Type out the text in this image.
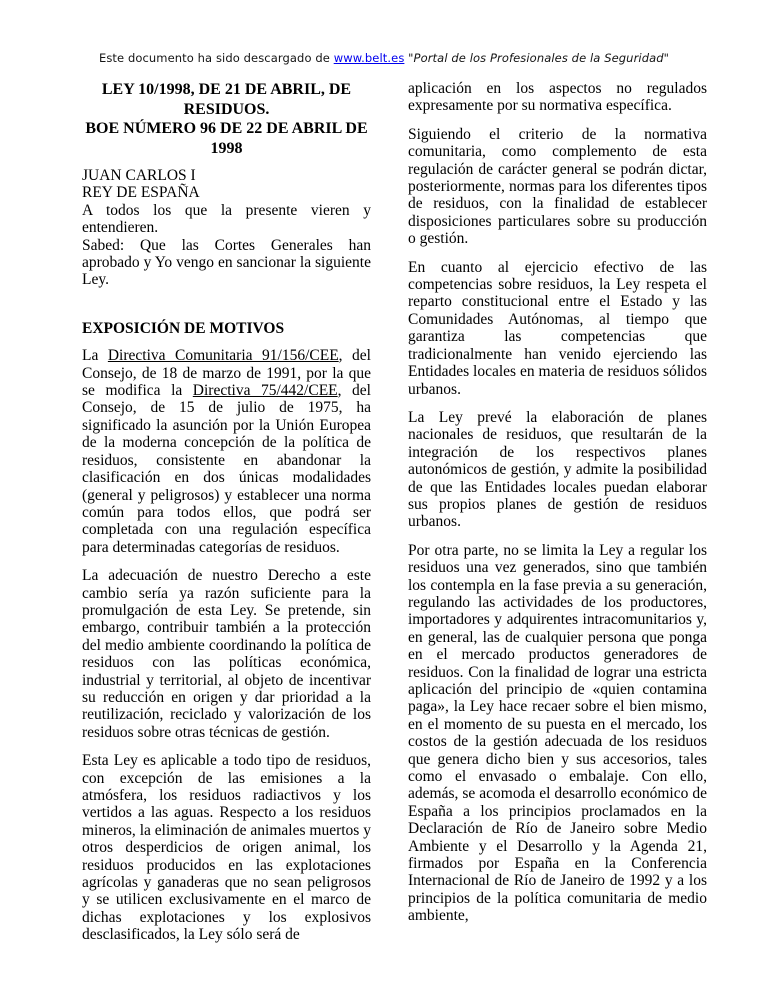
Este documento ha sido descargado de www.belt.es "Portal de los Profesionales de la Seguridad"
LEY 10/1998, DE 21 DE ABRIL, DE RESIDUOS.
BOE NÚMERO 96 DE 22 DE ABRIL DE 1998

JUAN CARLOS I

REY DE ESPAÑA

A todos los que la presente vieren y entendieren.

Sabed: Que las Cortes Generales han aprobado y Yo vengo en sancionar la siguiente Ley.

EXPOSICIÓN DE MOTIVOS

La Directiva Comunitaria 91/156/CEE, del Consejo, de 18 de marzo de 1991, por la que se modifica la Directiva 75/442/CEE, del Consejo, de 15 de julio de 1975, ha significado la asunción por la Unión Europea de la moderna concepción de la política de residuos, consistente en abandonar la clasificación en dos únicas modalidades (general y peligrosos) y establecer una norma común para todos ellos, que podrá ser completada con una regulación específica para determinadas categorías de residuos.

La adecuación de nuestro Derecho a este cambio sería ya razón suficiente para la promulgación de esta Ley. Se pretende, sin embargo, contribuir también a la protección del medio ambiente coordinando la política de residuos con las políticas económica, industrial y territorial, al objeto de incentivar su reducción en origen y dar prioridad a la reutilización, reciclado y valorización de los residuos sobre otras técnicas de gestión.

Esta Ley es aplicable a todo tipo de residuos, con excepción de las emisiones a la atmósfera, los residuos radiactivos y los vertidos a las aguas. Respecto a los residuos mineros, la eliminación de animales muertos y otros desperdicios de origen animal, los residuos producidos en las explotaciones agrícolas y ganaderas que no sean peligrosos y se utilicen exclusivamente en el marco de dichas explotaciones y los explosivos desclasificados, la Ley sólo será de

aplicación en los aspectos no regulados expresamente por su normativa específica.

Siguiendo el criterio de la normativa comunitaria, como complemento de esta regulación de carácter general se podrán dictar, posteriormente, normas para los diferentes tipos de residuos, con la finalidad de establecer disposiciones particulares sobre su producción o gestión.

En cuanto al ejercicio efectivo de las competencias sobre residuos, la Ley respeta el reparto constitucional entre el Estado y las Comunidades Autónomas, al tiempo que garantiza las competencias que tradicionalmente han venido ejerciendo las Entidades locales en materia de residuos sólidos urbanos.

La Ley prevé la elaboración de planes nacionales de residuos, que resultarán de la integración de los respectivos planes autonómicos de gestión, y admite la posibilidad de que las Entidades locales puedan elaborar sus propios planes de gestión de residuos urbanos.

Por otra parte, no se limita la Ley a regular los residuos una vez generados, sino que también los contempla en la fase previa a su generación, regulando las actividades de los productores, importadores y adquirentes intracomunitarios y, en general, las de cualquier persona que ponga en el mercado productos generadores de residuos. Con la finalidad de lograr una estricta aplicación del principio de «quien contamina paga», la Ley hace recaer sobre el bien mismo, en el momento de su puesta en el mercado, los costos de la gestión adecuada de los residuos que genera dicho bien y sus accesorios, tales como el envasado o embalaje. Con ello, además, se acomoda el desarrollo económico de España a los principios proclamados en la Declaración de Río de Janeiro sobre Medio Ambiente y el Desarrollo y la Agenda 21, firmados por España en la Conferencia Internacional de Río de Janeiro de 1992 y a los principios de la política comunitaria de medio ambiente,
